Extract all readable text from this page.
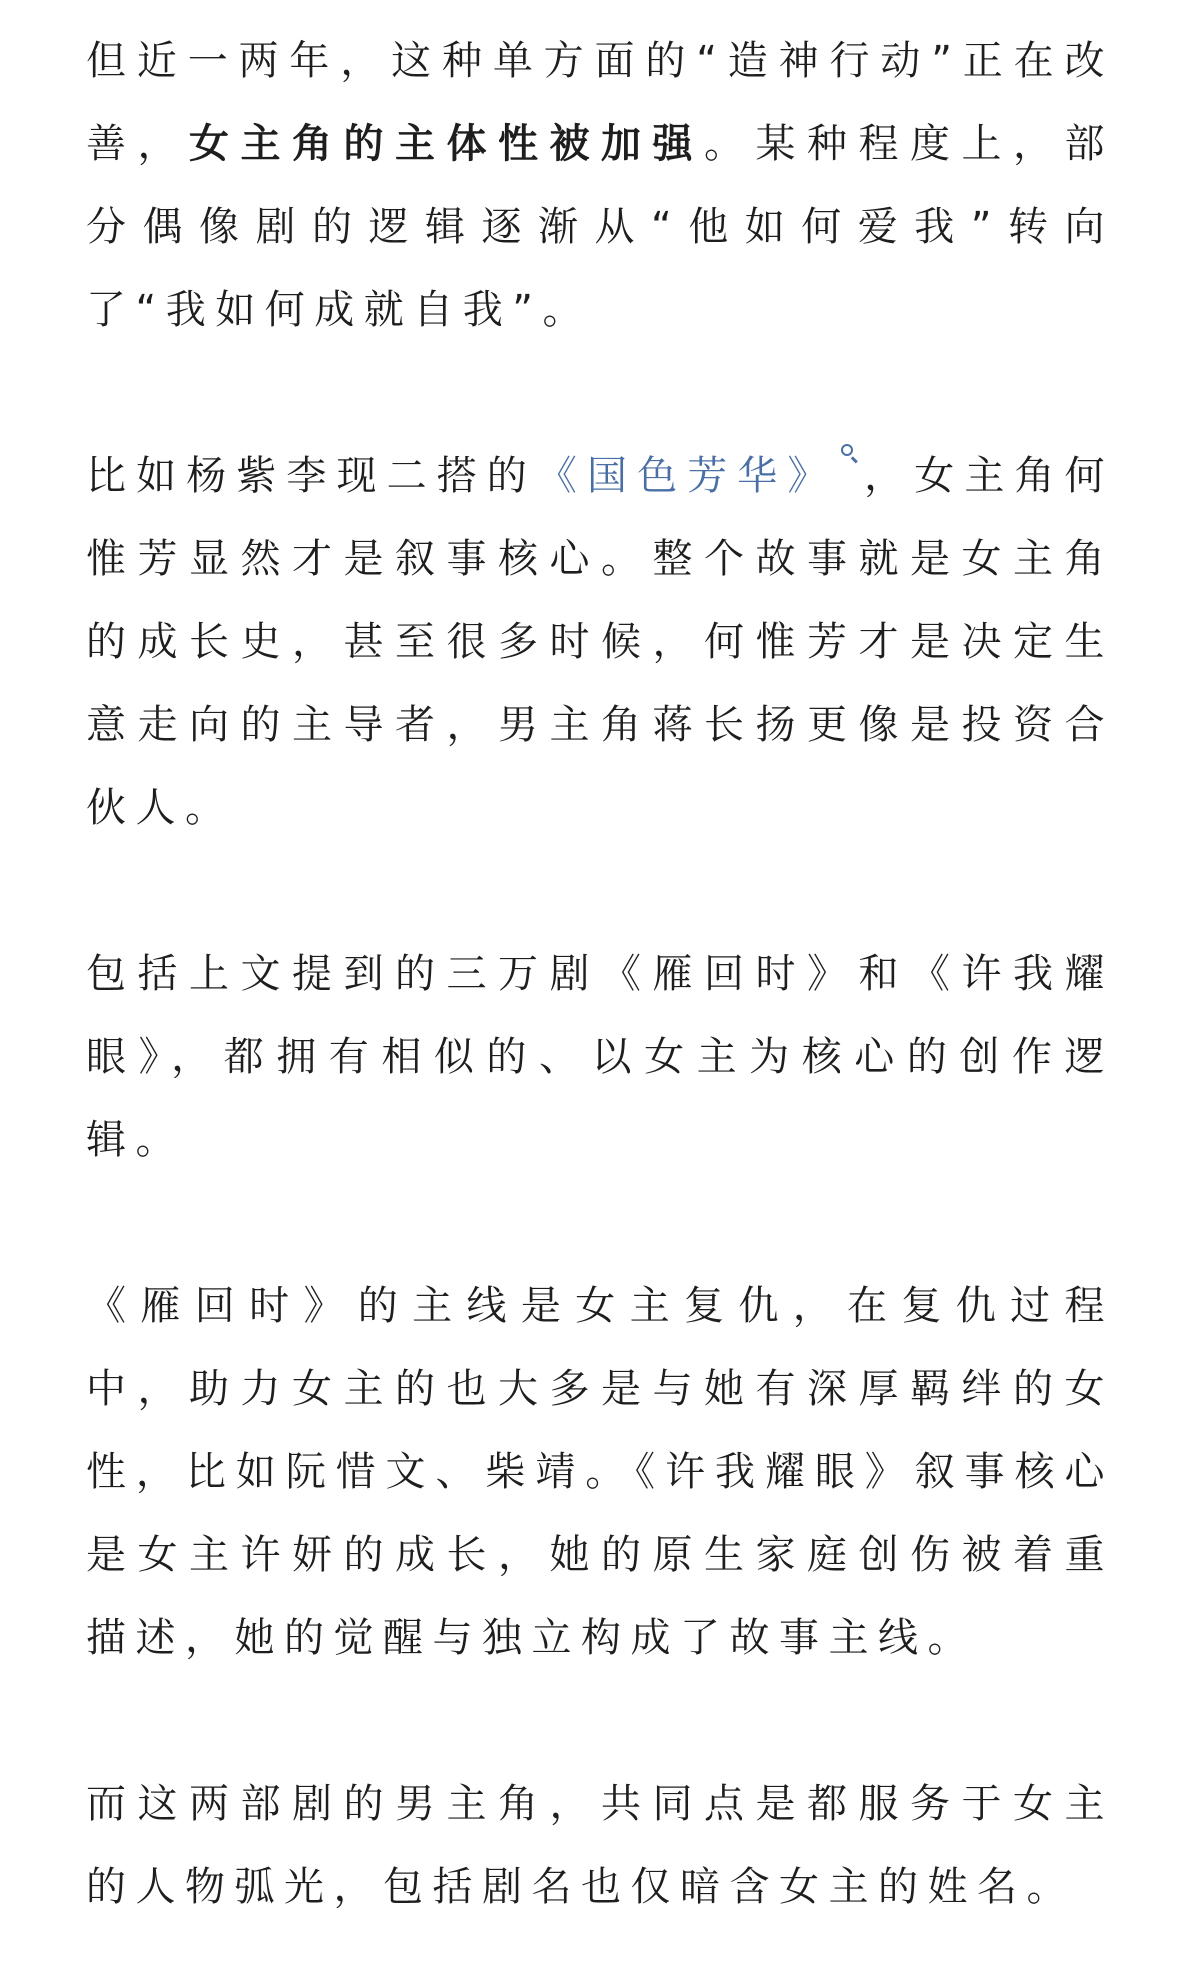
但近一两年，这种单方面的“造神行动”正在改善，女主角的主体性被加强。某种程度上，部分偶像剧的逻辑逐渐从“他如何爱我”转向了“我如何成就自我”。

比如杨紫李现二搭的《国色芳华》 ，女主角何惟芳显然才是叙事核心。整个故事就是女主角的成长史，甚至很多时候，何惟芳才是决定生意走向的主导者，男主角蒋长扬更像是投资合伙人。

包括上文提到的三万剧《雁回时》和《许我耀眼》，都拥有相似的、以女主为核心的创作逻辑。

《雁回时》的主线是女主复仇，在复仇过程中，助力女主的也大多是与她有深厚羁绊的女性，比如阮惜文、柴靖。《许我耀眼》叙事核心是女主许妍的成长，她的原生家庭创伤被着重描述，她的觉醒与独立构成了故事主线。

而这两部剧的男主角，共同点是都服务于女主的人物弧光，包括剧名也仅暗含女主的姓名。
